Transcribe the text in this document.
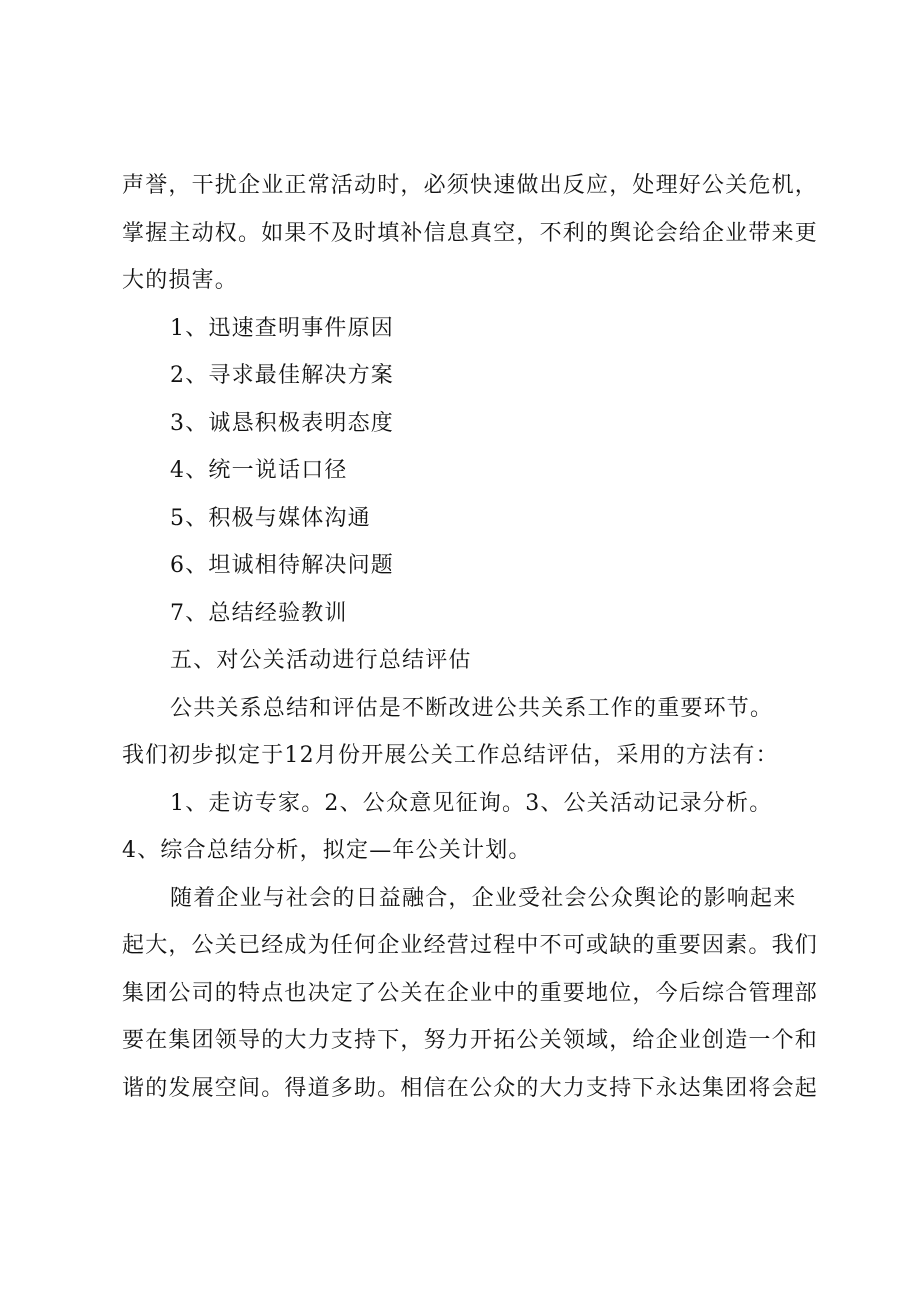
声誉，干扰企业正常活动时，必须快速做出反应，处理好公关危机，
掌握主动权。如果不及时填补信息真空，不利的舆论会给企业带来更
大的损害。
1、迅速查明事件原因
2、寻求最佳解决方案
3、诚恳积极表明态度
4、统一说话口径
5、积极与媒体沟通
6、坦诚相待解决问题
7、总结经验教训
五、对公关活动进行总结评估
公共关系总结和评估是不断改进公共关系工作的重要环节。
我们初步拟定于12月份开展公关工作总结评估，采用的方法有：
1、走访专家。2、公众意见征询。3、公关活动记录分析。
4、综合总结分析，拟定—年公关计划。
随着企业与社会的日益融合，企业受社会公众舆论的影响起来
起大，公关已经成为任何企业经营过程中不可或缺的重要因素。我们
集团公司的特点也决定了公关在企业中的重要地位，今后综合管理部
要在集团领导的大力支持下，努力开拓公关领域，给企业创造一个和
谐的发展空间。得道多助。相信在公众的大力支持下永达集团将会起
